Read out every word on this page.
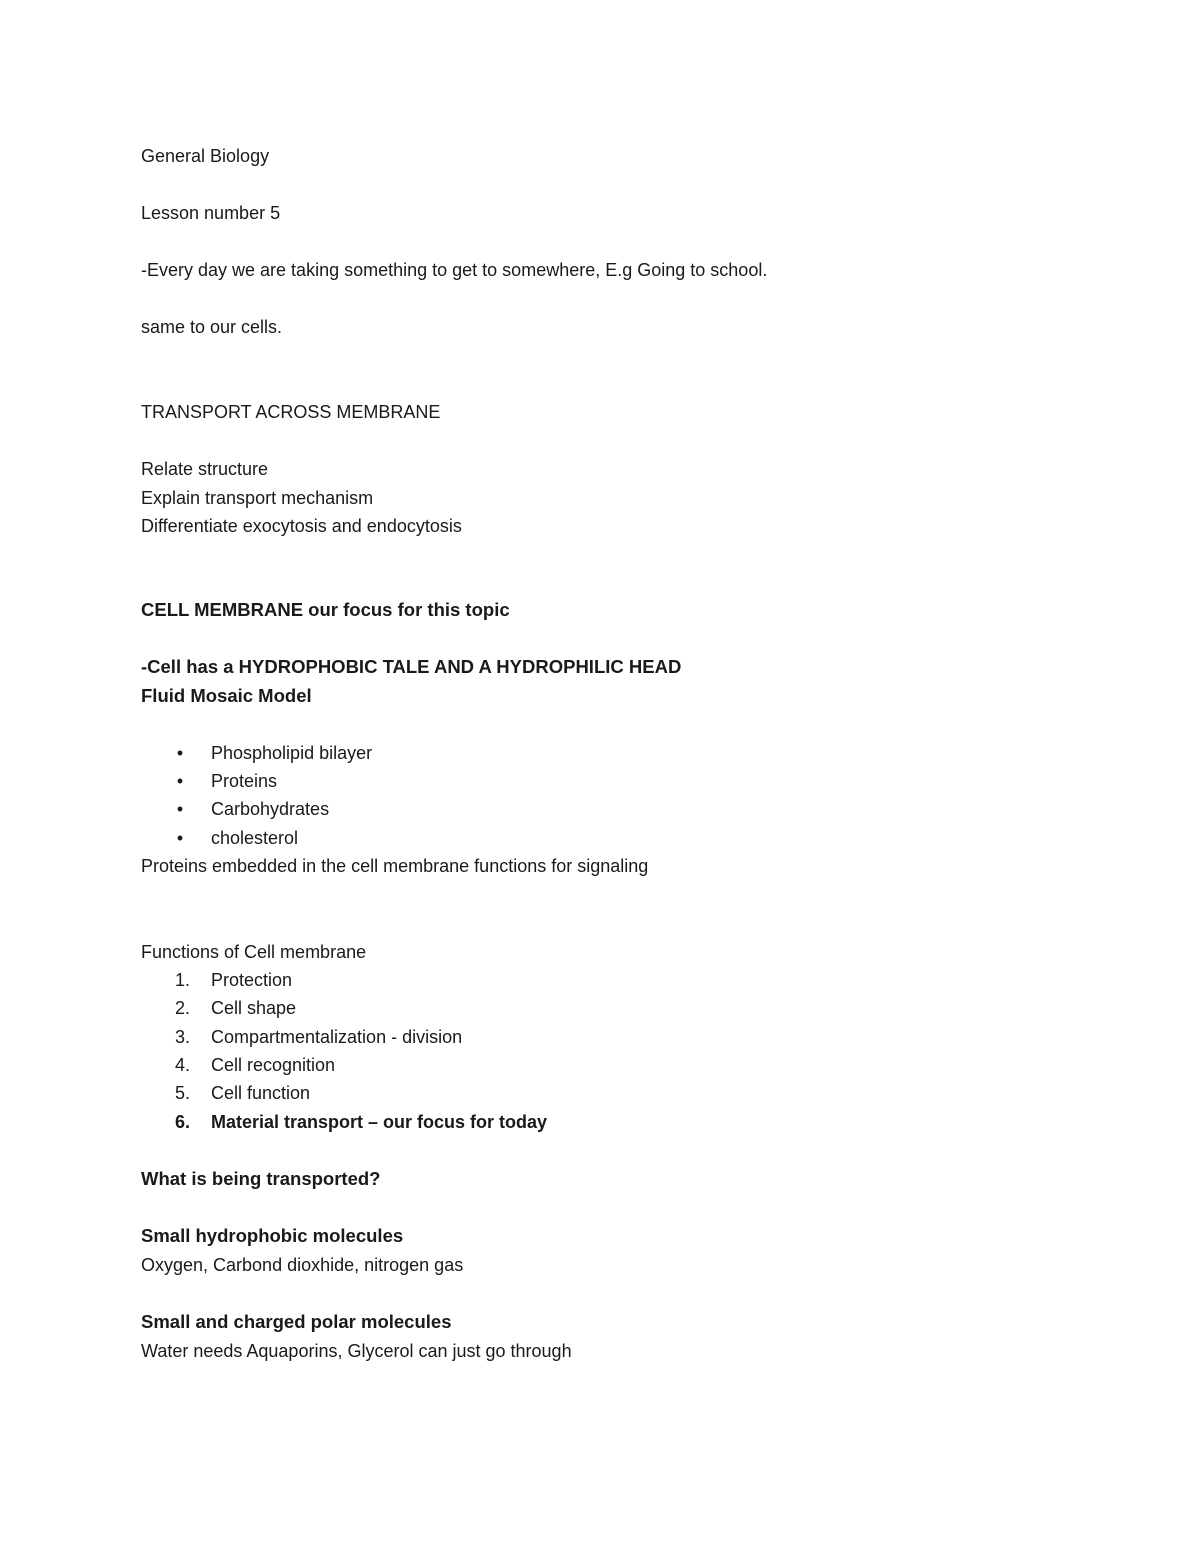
General Biology
Lesson number 5
-Every day we are taking something to get to somewhere, E.g Going to school.
same to our cells.
TRANSPORT ACROSS MEMBRANE
Relate structure
Explain transport mechanism
Differentiate exocytosis and endocytosis
CELL MEMBRANE our focus for this topic
-Cell has a HYDROPHOBIC TALE AND A HYDROPHILIC HEAD
Fluid Mosaic Model
• Phospholipid bilayer
• Proteins
• Carbohydrates
• cholesterol
Proteins embedded in the cell membrane functions for signaling
Functions of Cell membrane
1.	Protection
2.	Cell shape
3.	Compartmentalization - division
4.	Cell recognition
5.	Cell function
6.	Material transport – our focus for today
What is being transported?
Small hydrophobic molecules
Oxygen, Carbond dioxhide, nitrogen gas
Small and charged polar molecules
Water needs Aquaporins, Glycerol can just go through
